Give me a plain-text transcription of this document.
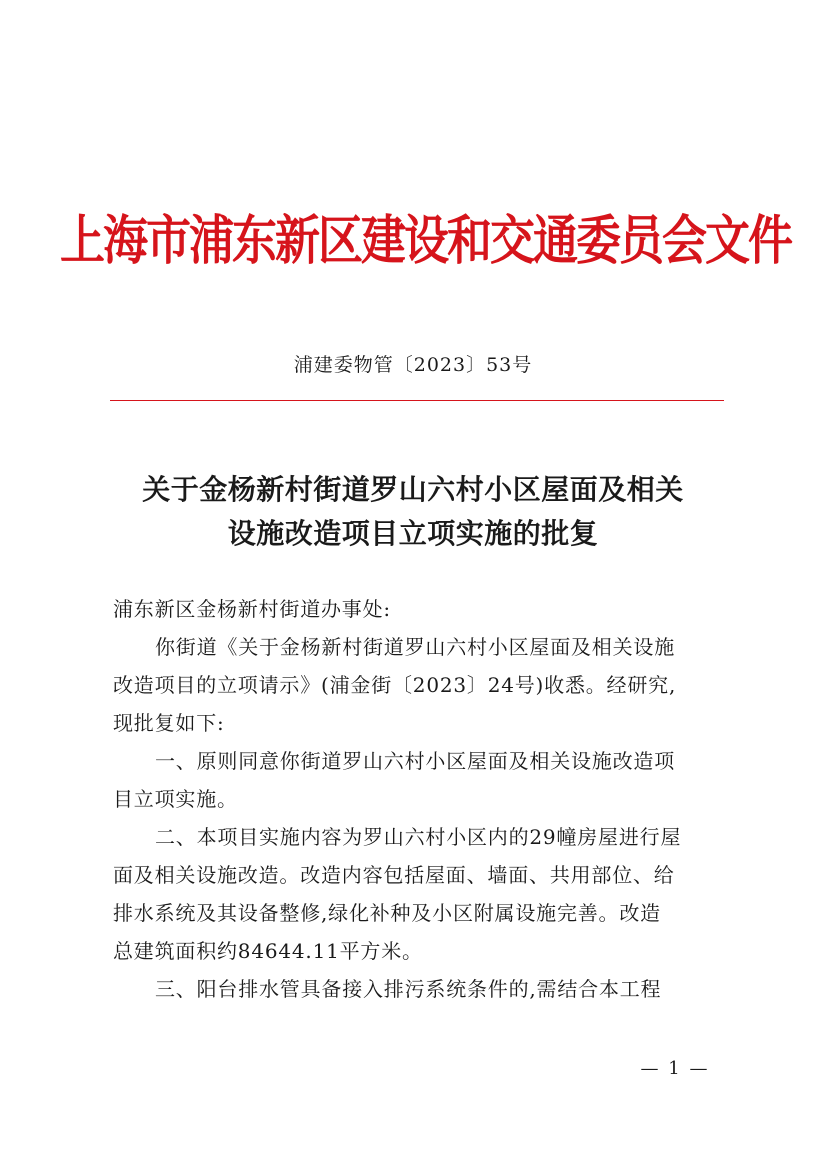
上海市浦东新区建设和交通委员会文件
浦建委物管〔2023〕53号
关于金杨新村街道罗山六村小区屋面及相关
设施改造项目立项实施的批复
浦东新区金杨新村街道办事处:
你街道《关于金杨新村街道罗山六村小区屋面及相关设施
改造项目的立项请示》(浦金街〔2023〕24号)收悉。经研究,
现批复如下:
一、原则同意你街道罗山六村小区屋面及相关设施改造项
目立项实施。
二、本项目实施内容为罗山六村小区内的29幢房屋进行屋
面及相关设施改造。改造内容包括屋面、墙面、共用部位、给
排水系统及其设备整修,绿化补种及小区附属设施完善。改造
总建筑面积约84644.11平方米。
三、阳台排水管具备接入排污系统条件的,需结合本工程
— 1 —
